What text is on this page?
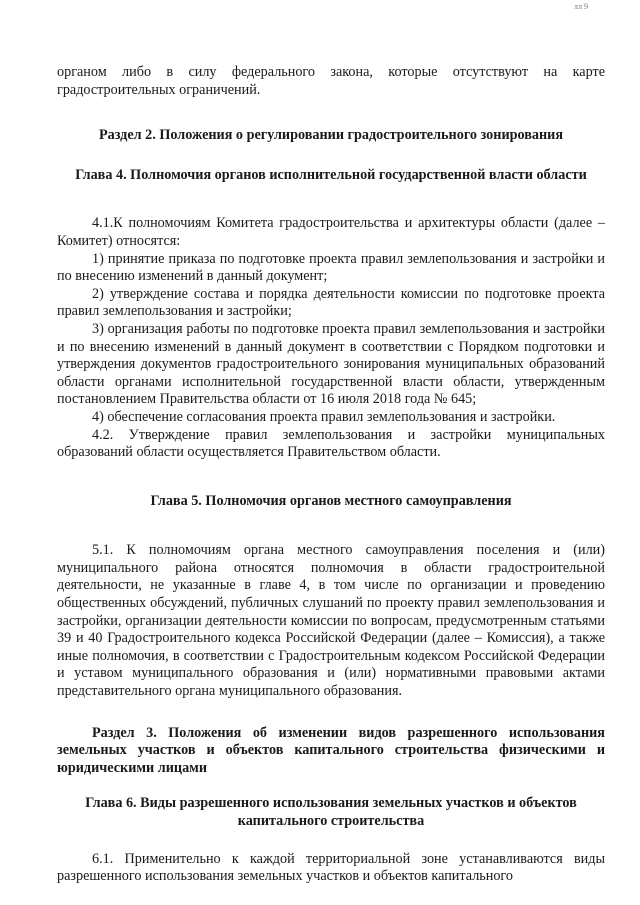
лл 9

органом либо в силу федерального закона, которые отсутствуют на карте градостроительных ограничений.

Раздел 2. Положения о регулировании градостроительного зонирования
Глава 4. Полномочия органов исполнительной государственной власти области

4.1.К полномочиям Комитета градостроительства и архитектуры области (далее – Комитет) относятся:

1) принятие приказа по подготовке проекта правил землепользования и застройки и по внесению изменений в данный документ;

2) утверждение состава и порядка деятельности комиссии по подготовке проекта правил землепользования и застройки;

3) организация работы по подготовке проекта правил землепользования и застройки и по внесению изменений в данный документ в соответствии с Порядком подготовки и утверждения документов градостроительного зонирования муниципальных образований области органами исполнительной государственной власти области, утвержденным постановлением Правительства области от 16 июля 2018 года № 645;

4) обеспечение согласования проекта правил землепользования и застройки.

4.2. Утверждение правил землепользования и застройки муниципальных образований области осуществляется Правительством области.

Глава 5. Полномочия органов местного самоуправления

5.1. К полномочиям органа местного самоуправления поселения и (или) муниципального района относятся полномочия в области градостроительной деятельности, не указанные в главе 4, в том числе по организации и проведению общественных обсуждений, публичных слушаний по проекту правил землепользования и застройки, организации деятельности комиссии по вопросам, предусмотренным статьями 39 и 40 Градостроительного кодекса Российской Федерации (далее – Комиссия), а также иные полномочия, в соответствии с Градостроительным кодексом Российской Федерации и уставом муниципального образования и (или) нормативными правовыми актами представительного органа муниципального образования.

Раздел 3. Положения об изменении видов разрешенного использования земельных участков и объектов капитального строительства физическими и юридическими лицами
Глава 6. Виды разрешенного использования земельных участков и объектов капитального строительства

6.1. Применительно к каждой территориальной зоне устанавливаются виды разрешенного использования земельных участков и объектов капитального
